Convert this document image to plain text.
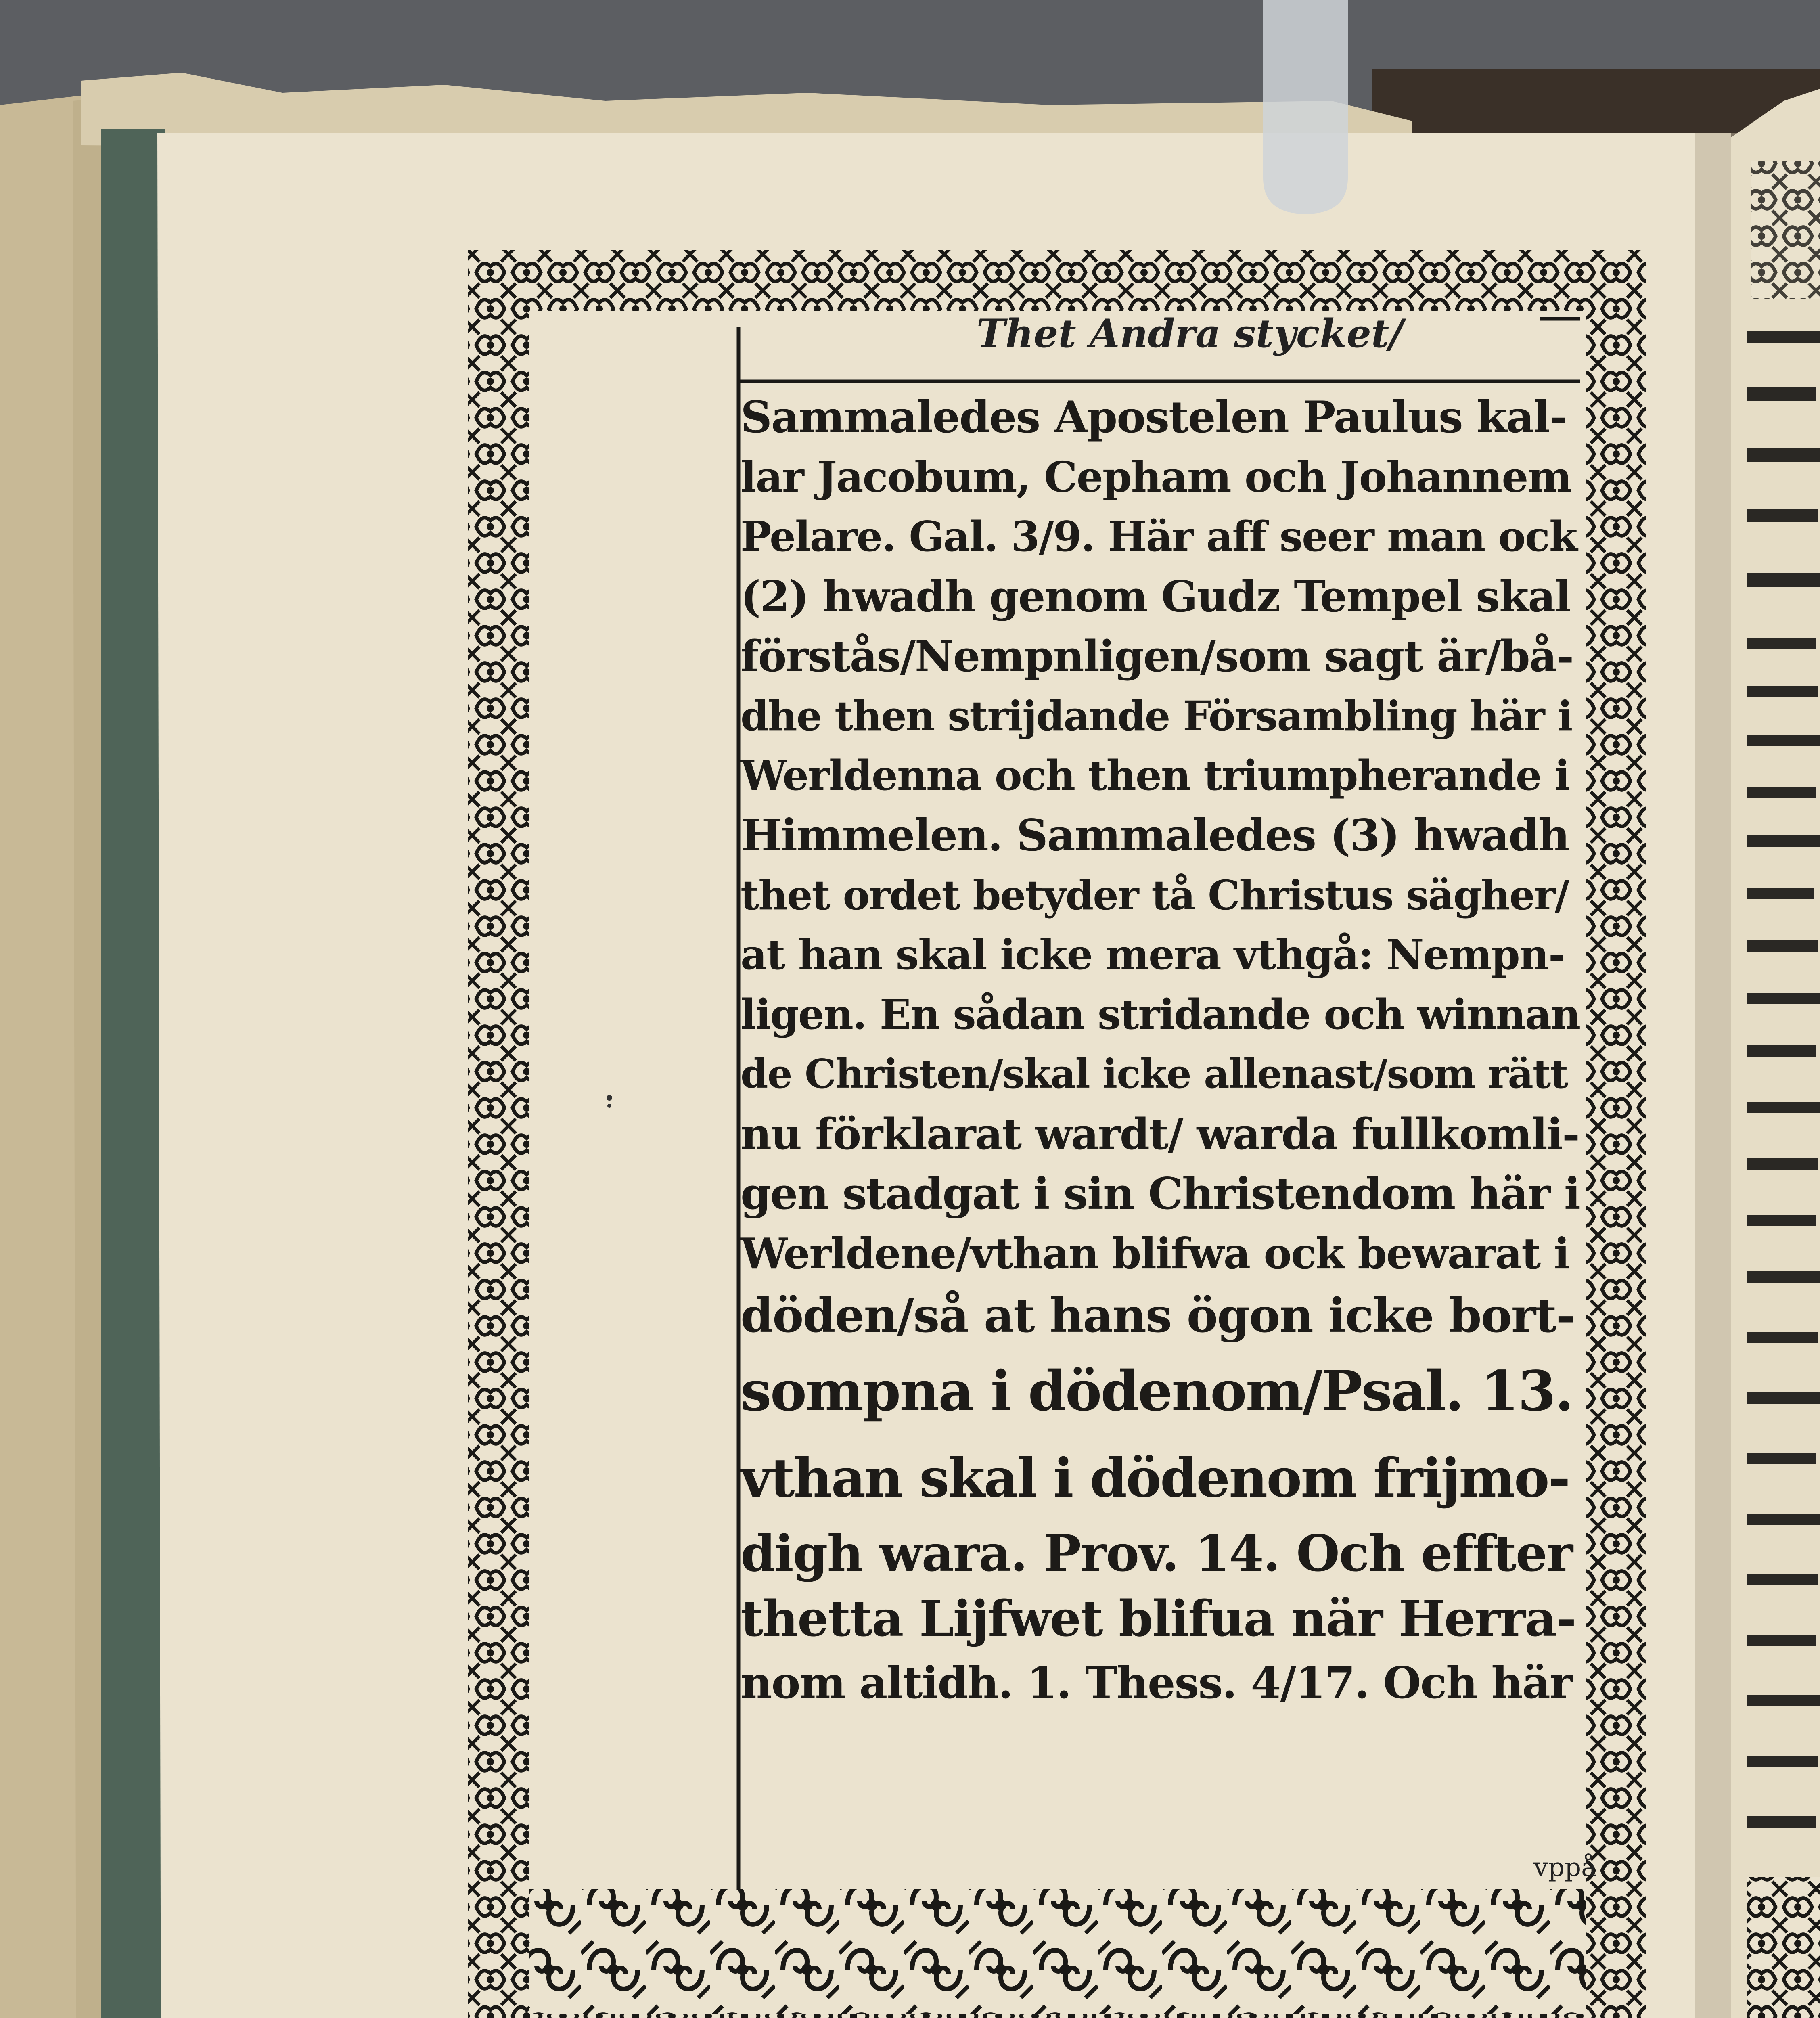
Thet Andra stycket/
Sammaledes Apostelen Paulus kal-
lar Jacobum, Cepham och Johannem
Pelare. Gal. 3/9. Här aff seer man ock
(2) hwadh genom Gudz Tempel skal
förstås/Nempnligen/som sagt är/bå-
dhe then strijdande Försambling här i
Werldenna och then triumpherande i
Himmelen. Sammaledes (3) hwadh
thet ordet betyder tå Christus sägher/
at han skal icke mera vthgå: Nempn-
ligen. En sådan stridande och winnan
de Christen/skal icke allenast/som rätt
nu förklarat wardt/ warda fullkomli-
gen stadgat i sin Christendom här i
Werldene/vthan blifwa ock bewarat i
döden/så at hans ögon icke bort-
sompna i dödenom/Psal. 13.
vthan skal i dödenom frijmo-
digh wara. Prov. 14. Och effter
thetta Lijfwet blifua när Herra-
nom altidh. 1. Thess. 4/17. Och här
vppå
